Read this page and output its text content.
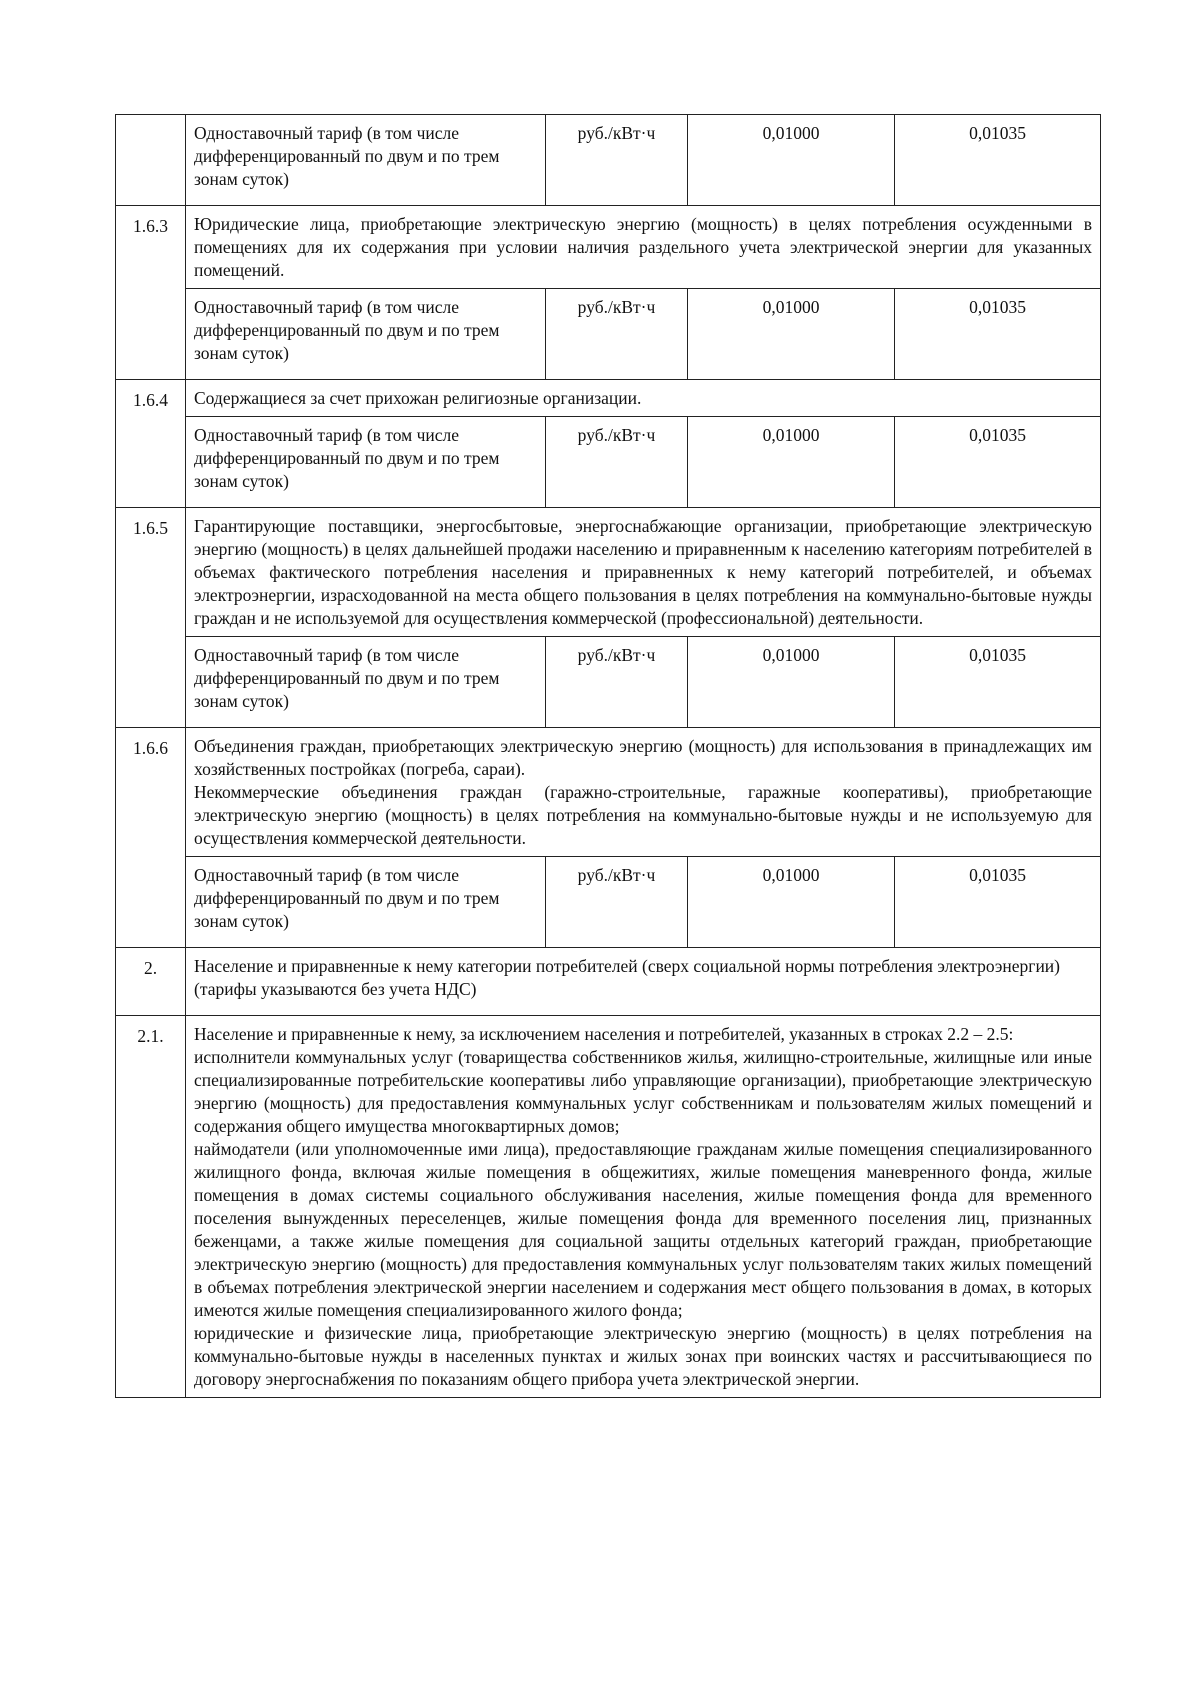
	Одноставочный тариф (в том числе дифференцированный по двум и по трем зонам суток)	руб./кВт·ч	0,01000	0,01035
1.6.3	Юридические лица, приобретающие электрическую энергию (мощность) в целях потребления осужденными в помещениях для их содержания при условии наличия раздельного учета электрической энергии для указанных помещений.			
	Одноставочный тариф (в том числе дифференцированный по двум и по трем зонам суток)	руб./кВт·ч	0,01000	0,01035
1.6.4	Содержащиеся за счет прихожан религиозные организации.			
	Одноставочный тариф (в том числе дифференцированный по двум и по трем зонам суток)	руб./кВт·ч	0,01000	0,01035
1.6.5	Гарантирующие поставщики, энергосбытовые, энергоснабжающие организации, приобретающие электрическую энергию (мощность) в целях дальнейшей продажи населению и приравненным к населению категориям потребителей в объемах фактического потребления населения и приравненных к нему категорий потребителей, и объемах электроэнергии, израсходованной на места общего пользования в целях потребления на коммунально-бытовые нужды граждан и не используемой для осуществления коммерческой (профессиональной) деятельности.			
	Одноставочный тариф (в том числе дифференцированный по двум и по трем зонам суток)	руб./кВт·ч	0,01000	0,01035
1.6.6	Объединения граждан, приобретающих электрическую энергию (мощность) для использования в принадлежащих им хозяйственных постройках (погреба, сараи).
Некоммерческие объединения граждан (гаражно-строительные, гаражные кооперативы), приобретающие электрическую энергию (мощность) в целях потребления на коммунально-бытовые нужды и не используемую для осуществления коммерческой деятельности.			

	Одноставочный тариф (в том числе дифференцированный по двум и по трем зонам суток)	руб./кВт·ч	0,01000	0,01035
2.	Население и приравненные к нему категории потребителей (сверх социальной нормы потребления электроэнергии) (тарифы указываются без учета НДС)			
2.1.	Население и приравненные к нему, за исключением населения и потребителей, указанных в строках 2.2 – 2.5:
исполнители коммунальных услуг (товарищества собственников жилья, жилищно-строительные, жилищные или иные специализированные потребительские кооперативы либо управляющие организации), приобретающие электрическую энергию (мощность) для предоставления коммунальных услуг собственникам и пользователям жилых помещений и содержания общего имущества многоквартирных домов;
наймодатели (или уполномоченные ими лица), предоставляющие гражданам жилые помещения специализированного жилищного фонда, включая жилые помещения в общежитиях, жилые помещения маневренного фонда, жилые помещения в домах системы социального обслуживания населения, жилые помещения фонда для временного поселения вынужденных переселенцев, жилые помещения фонда для временного поселения лиц, признанных беженцами, а также жилые помещения для социальной защиты отдельных категорий граждан, приобретающие электрическую энергию (мощность) для предоставления коммунальных услуг пользователям таких жилых помещений в объемах потребления электрической энергии населением и содержания мест общего пользования в домах, в которых имеются жилые помещения специализированного жилого фонда;
юридические и физические лица, приобретающие электрическую энергию (мощность) в целях потребления на коммунально-бытовые нужды в населенных пунктах и жилых зонах при воинских частях и рассчитывающиеся по договору энергоснабжения по показаниям общего прибора учета электрической энергии.			
